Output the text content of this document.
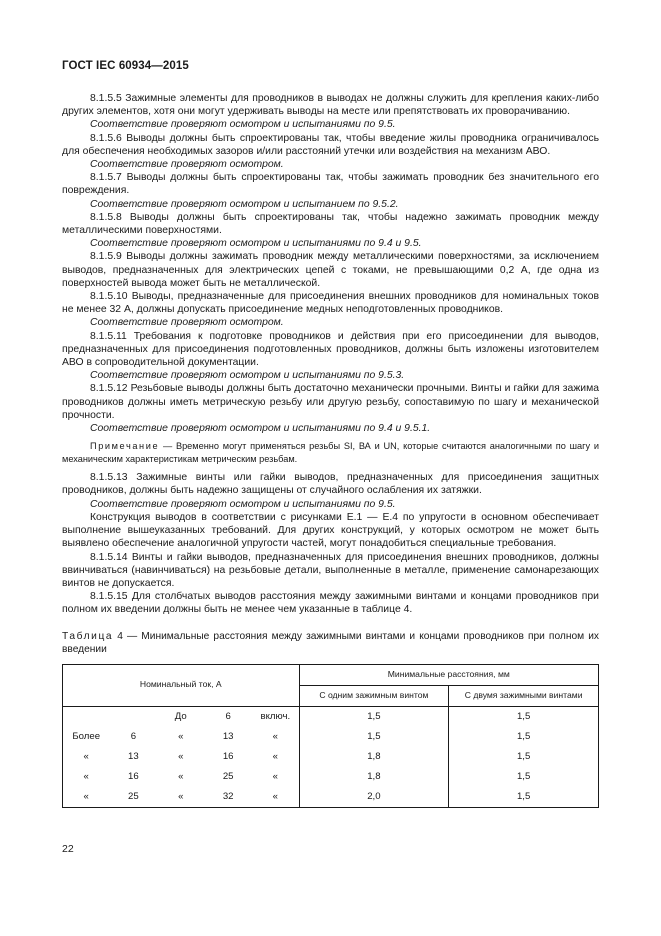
ГОСТ IEC 60934—2015

8.1.5.5 Зажимные элементы для проводников в выводах не должны служить для крепления каких-либо других элементов, хотя они могут удерживать выводы на месте или препятствовать их проворачиванию.

Соответствие проверяют осмотром и испытаниями по 9.5.

8.1.5.6 Выводы должны быть спроектированы так, чтобы введение жилы проводника ограничивалось для обеспечения необходимых зазоров и/или расстояний утечки или воздействия на механизм АВО.

Соответствие проверяют осмотром.

8.1.5.7 Выводы должны быть спроектированы так, чтобы зажимать проводник без значительного его повреждения.

Соответствие проверяют осмотром и испытанием по 9.5.2.

8.1.5.8 Выводы должны быть спроектированы так, чтобы надежно зажимать проводник между металлическими поверхностями.

Соответствие проверяют осмотром и испытаниями по 9.4 и 9.5.

8.1.5.9 Выводы должны зажимать проводник между металлическими поверхностями, за исключением выводов, предназначенных для электрических цепей с токами, не превышающими 0,2 А, где одна из поверхностей вывода может быть не металлической.

8.1.5.10 Выводы, предназначенные для присоединения внешних проводников для номинальных токов не менее 32 А, должны допускать присоединение медных неподготовленных проводников.

Соответствие проверяют осмотром.

8.1.5.11 Требования к подготовке проводников и действия при его присоединении для выводов, предназначенных для присоединения подготовленных проводников, должны быть изложены изготовителем АВО в сопроводительной документации.

Соответствие проверяют осмотром и испытаниями по 9.5.3.

8.1.5.12 Резьбовые выводы должны быть достаточно механически прочными. Винты и гайки для зажима проводников должны иметь метрическую резьбу или другую резьбу, сопоставимую по шагу и механической прочности.

Соответствие проверяют осмотром и испытаниями по 9.4 и 9.5.1.

Примечание — Временно могут применяться резьбы SI, ВА и UN, которые считаются аналогичными по шагу и механическим характеристикам метрическим резьбам.

8.1.5.13 Зажимные винты или гайки выводов, предназначенных для присоединения защитных проводников, должны быть надежно защищены от случайного ослабления их затяжки.

Соответствие проверяют осмотром и испытаниями по 9.5.

Конструкция выводов в соответствии с рисунками Е.1 — Е.4 по упругости в основном обеспечивает выполнение вышеуказанных требований. Для других конструкций, у которых осмотром не может быть выявлено обеспечение аналогичной упругости частей, могут понадобиться специальные требования.

8.1.5.14 Винты и гайки выводов, предназначенных для присоединения внешних проводников, должны ввинчиваться (навинчиваться) на резьбовые детали, выполненные в металле, применение самонарезающих винтов не допускается.

8.1.5.15 Для столбчатых выводов расстояния между зажимными винтами и концами проводников при полном их введении должны быть не менее чем указанные в таблице 4.

Таблица 4 — Минимальные расстояния между зажимными винтами и концами проводников при полном их введении

Номинальный ток, А					Минимальные расстояния, мм	
					С одним зажимным винтом	С двумя зажимными винтами
		До	6	включ.	1,5	1,5
Более	6	«	13	«	1,5	1,5
«	13	«	16	«	1,8	1,5
«	16	«	25	«	1,8	1,5
«	25	«	32	«	2,0	1,5
22
